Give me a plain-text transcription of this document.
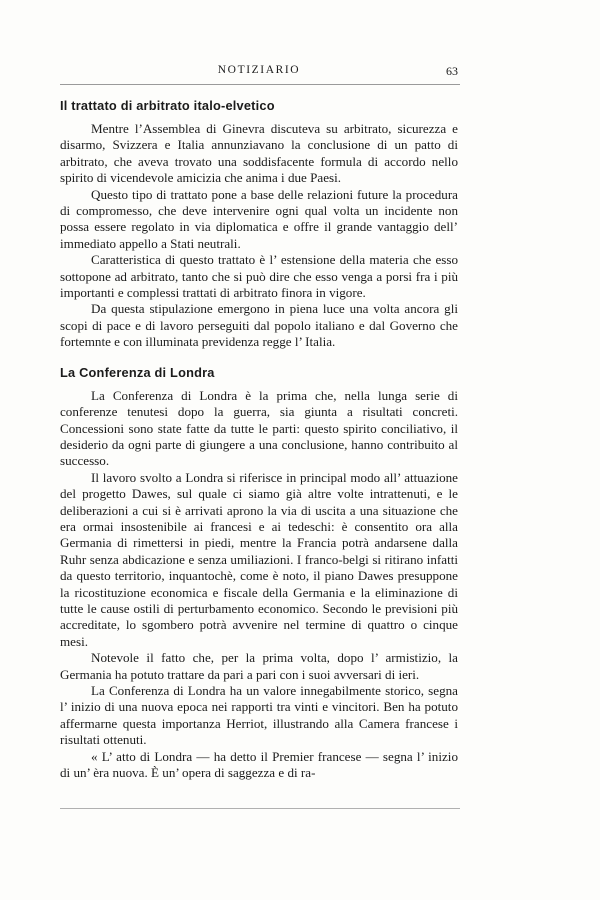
NOTIZIARIO	63
Il trattato di arbitrato italo-elvetico

Mentre l’Assemblea di Ginevra discuteva su arbitrato, sicurezza e disarmo, Svizzera e Italia annunziavano la conclusione di un patto di arbitrato, che aveva trovato una soddisfacente formula di accordo nello spirito di vicendevole amicizia che anima i due Paesi.

Questo tipo di trattato pone a base delle relazioni future la procedura di compromesso, che deve intervenire ogni qual volta un incidente non possa essere regolato in via diplomatica e offre il grande vantaggio dell’ immediato appello a Stati neutrali.

Caratteristica di questo trattato è l’ estensione della materia che esso sottopone ad arbitrato, tanto che si può dire che esso venga a porsi fra i più importanti e complessi trattati di arbitrato finora in vigore.

Da questa stipulazione emergono in piena luce una volta ancora gli scopi di pace e di lavoro perseguiti dal popolo italiano e dal Governo che fortemnte e con illuminata previdenza regge l’ Italia.

La Conferenza di Londra

La Conferenza di Londra è la prima che, nella lunga serie di conferenze tenutesi dopo la guerra, sia giunta a risultati concreti. Concessioni sono state fatte da tutte le parti: questo spirito conciliativo, il desiderio da ogni parte di giungere a una conclusione, hanno contribuito al successo.

Il lavoro svolto a Londra si riferisce in principal modo all’ attuazione del progetto Dawes, sul quale ci siamo già altre volte intrattenuti, e le deliberazioni a cui si è arrivati aprono la via di uscita a una situazione che era ormai insostenibile ai francesi e ai tedeschi: è consentito ora alla Germania di rimettersi in piedi, mentre la Francia potrà andarsene dalla Ruhr senza abdicazione e senza umiliazioni. I franco-belgi si ritirano infatti da questo territorio, inquantochè, come è noto, il piano Dawes presuppone la ricostituzione economica e fiscale della Germania e la eliminazione di tutte le cause ostili di perturbamento economico. Secondo le previsioni più accreditate, lo sgombero potrà avvenire nel termine di quattro o cinque mesi.

Notevole il fatto che, per la prima volta, dopo l’ armistizio, la Germania ha potuto trattare da pari a pari con i suoi avversari di ieri.

La Conferenza di Londra ha un valore innegabilmente storico, segna l’ inizio di una nuova epoca nei rapporti tra vinti e vincitori. Ben ha potuto affermarne questa importanza Herriot, illustrando alla Camera francese i risultati ottenuti.

« L’ atto di Londra — ha detto il Premier francese — segna l’ inizio di un’ èra nuova. È un’ opera di saggezza e di ra-
